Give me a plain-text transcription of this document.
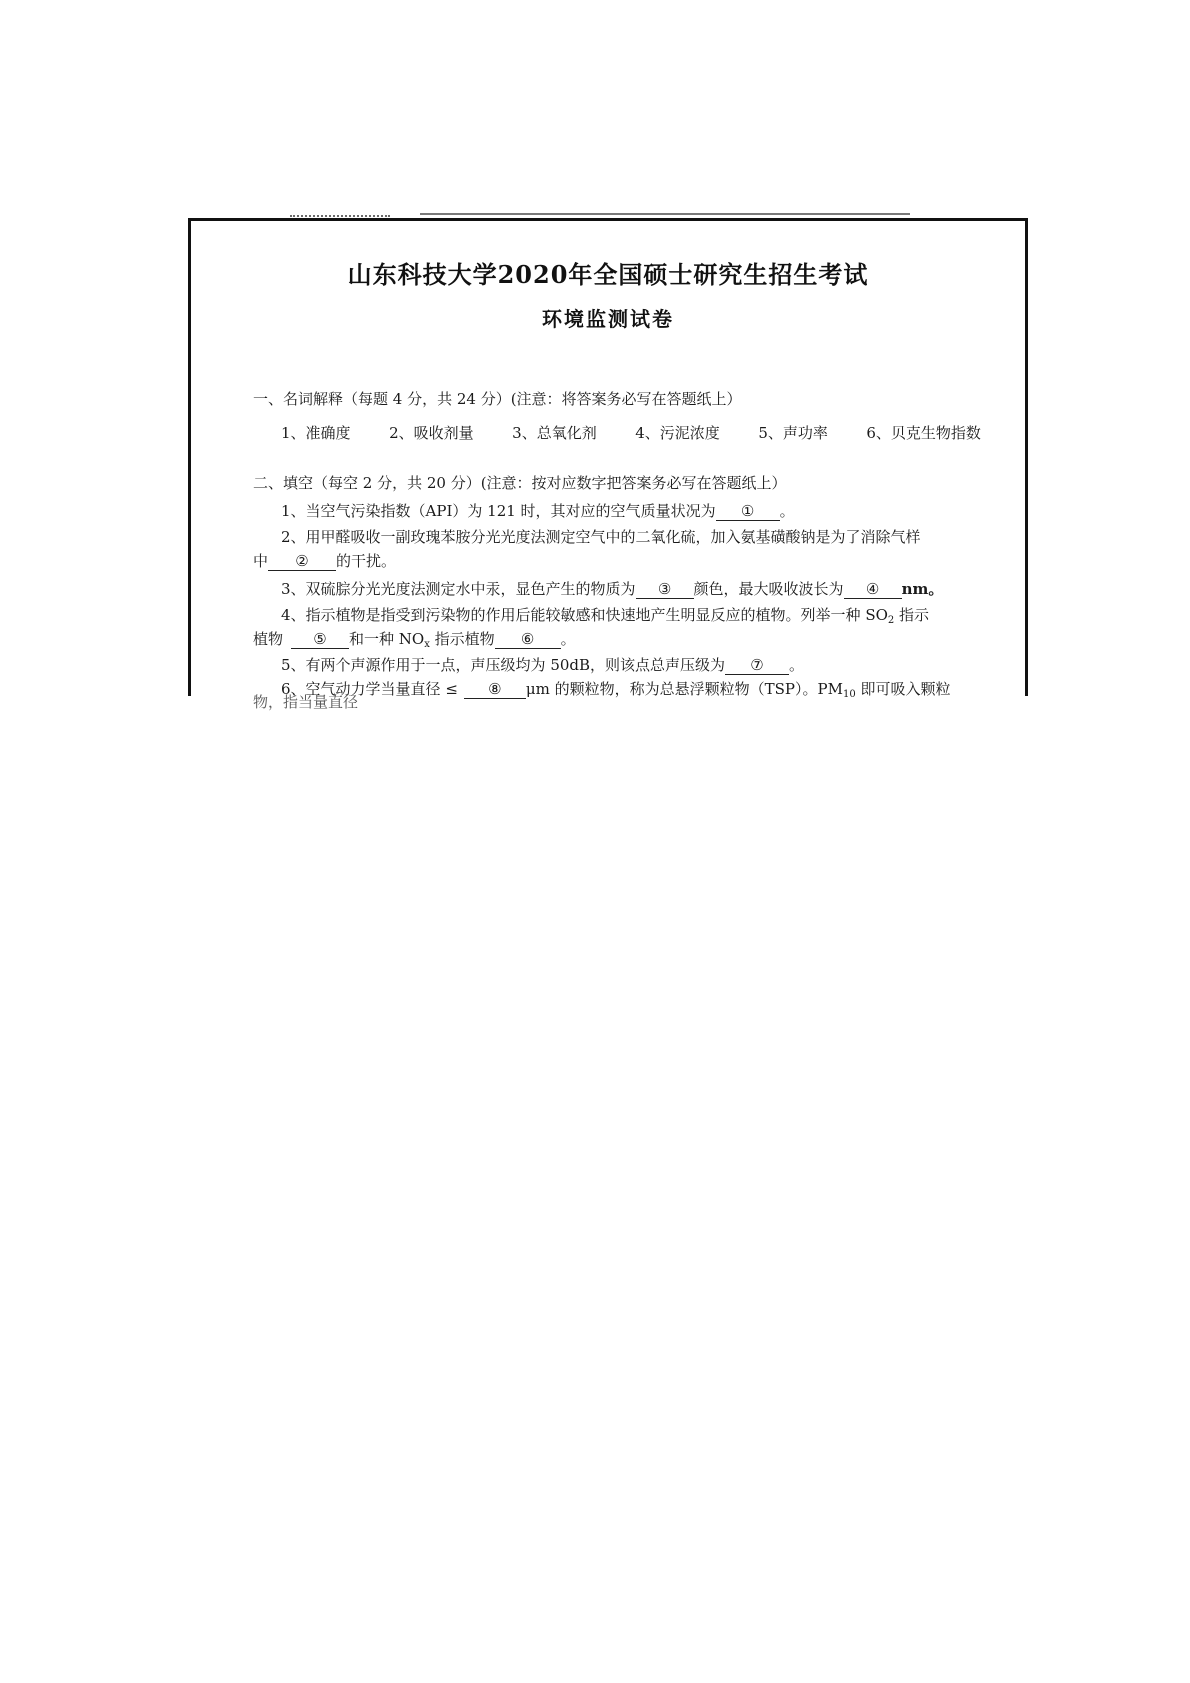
山东科技大学2020年全国硕士研究生招生考试
环境监测试卷
一、名词解释（每题 4 分，共 24 分）(注意：将答案务必写在答题纸上）
1、准确度	2、吸收剂量	3、总氧化剂	4、污泥浓度	5、声功率	6、贝克生物指数
二、填空（每空 2 分，共 20 分）(注意：按对应数字把答案务必写在答题纸上）
1、当空气污染指数（API）为 121 时，其对应的空气质量状况为 ① 。
2、用甲醛吸收一副玫瑰苯胺分光光度法测定空气中的二氧化硫，加入氨基磺酸钠是为了消除气样
中 ② 的干扰。
3、双硫腙分光光度法测定水中汞，显色产生的物质为 ③ 颜色，最大吸收波长为 ④ nm。
4、指示植物是指受到污染物的作用后能较敏感和快速地产生明显反应的植物。列举一种 $SO_2$ 指示
植物 ⑤ 和一种 $NO_x$ 指示植物 ⑥ 。
5、有两个声源作用于一点，声压级均为 50dB，则该点总声压级为 ⑦ 。
6、空气动力学当量直径 ≤ ⑧ μm 的颗粒物，称为总悬浮颗粒物（TSP）。$PM_{10}$ 即可吸入颗粒
物，指当量直径
